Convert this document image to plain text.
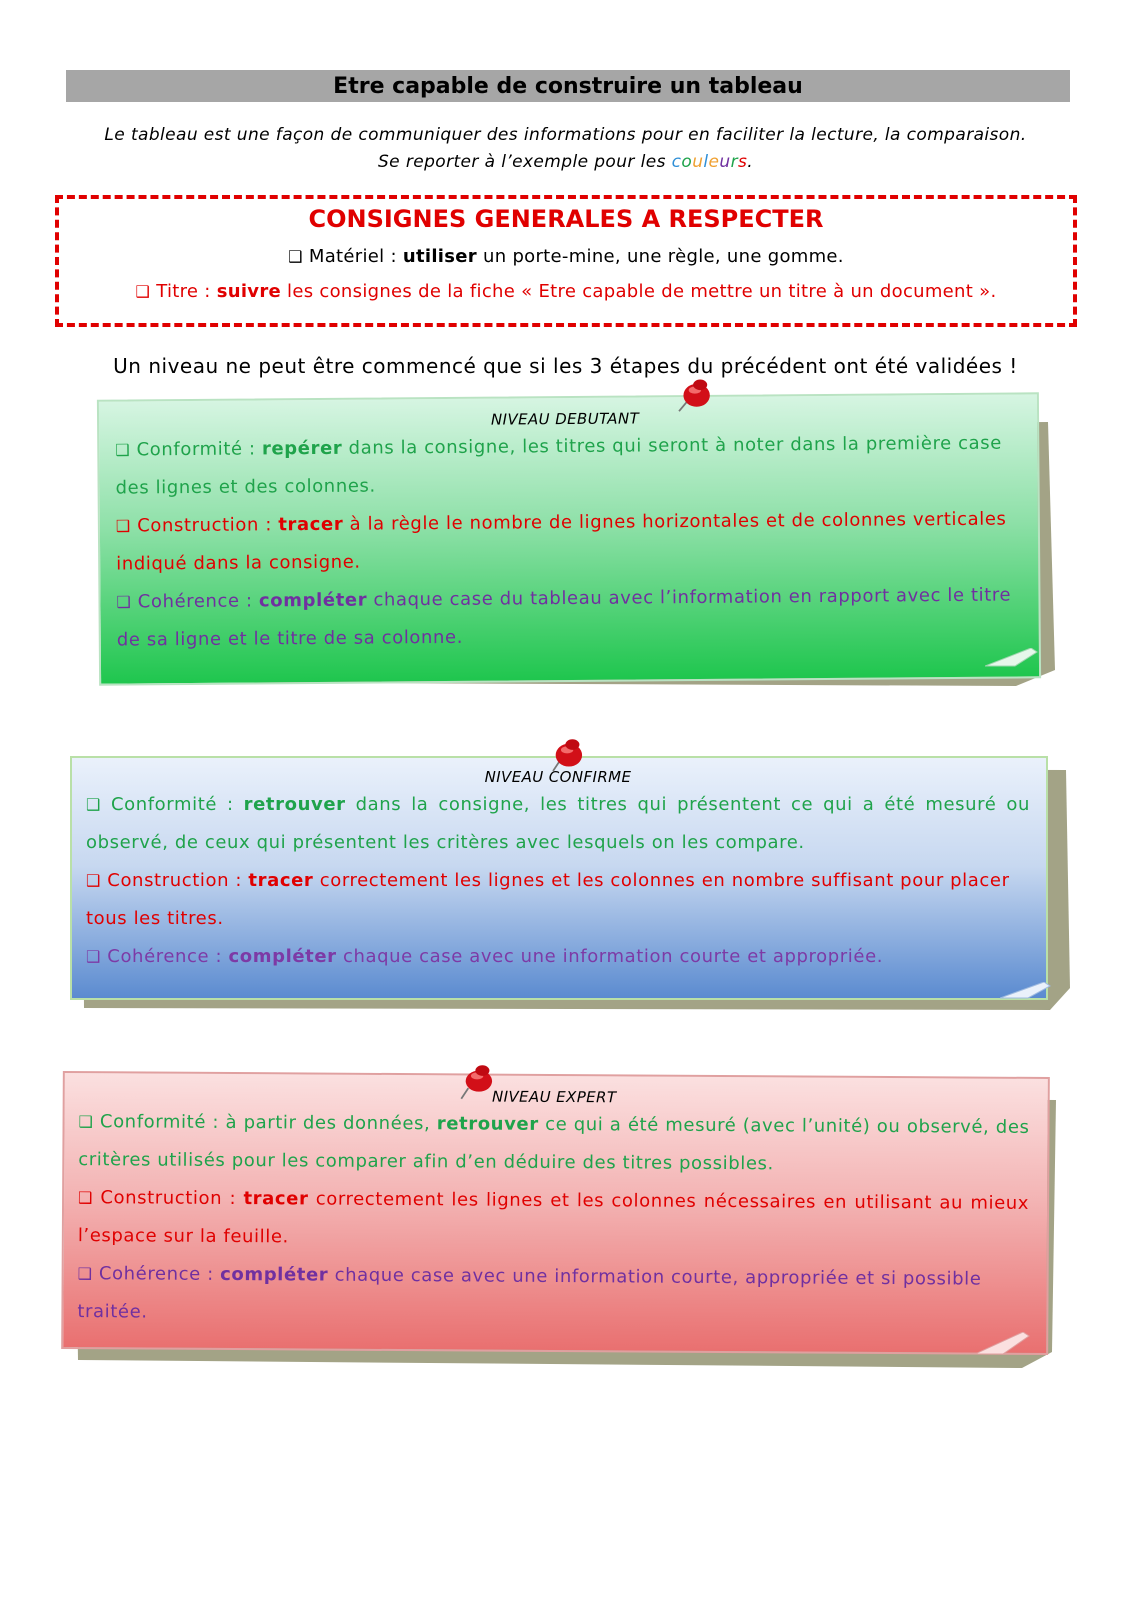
Etre capable de construire un tableau

Le tableau est une façon de communiquer des informations pour en faciliter la lecture, la comparaison.

Se reporter à l’exemple pour les couleurs.

CONSIGNES GENERALES A RESPECTER
❑ Matériel : utiliser un porte-mine, une règle, une gomme.
❑ Titre : suivre les consignes de la fiche « Etre capable de mettre un titre à un document ».
Un niveau ne peut être commencé que si les 3 étapes du précédent ont été validées !
NIVEAU DEBUTANT

❑ Conformité : repérer dans la consigne, les titres qui seront à noter dans la première case des lignes et des colonnes.

❑ Construction : tracer à la règle le nombre de lignes horizontales et de colonnes verticales indiqué dans la consigne.

❑ Cohérence : compléter chaque case du tableau avec l’information en rapport avec le titre de sa ligne et le titre de sa colonne.

NIVEAU CONFIRME

❑ Conformité : retrouver dans la consigne, les titres qui présentent ce qui a été mesuré ou observé, de ceux qui présentent les critères avec lesquels on les compare.

❑ Construction : tracer correctement les lignes et les colonnes en nombre suffisant pour placer tous les titres.

❑ Cohérence : compléter chaque case avec une information courte et appropriée.

NIVEAU EXPERT

❑ Conformité : à partir des données, retrouver ce qui a été mesuré (avec l’unité) ou observé, des critères utilisés pour les comparer afin d’en déduire des titres possibles.

❑ Construction : tracer correctement les lignes et les colonnes nécessaires en utilisant au mieux l’espace sur la feuille.

❑ Cohérence : compléter chaque case avec une information courte, appropriée et si possible traitée.
